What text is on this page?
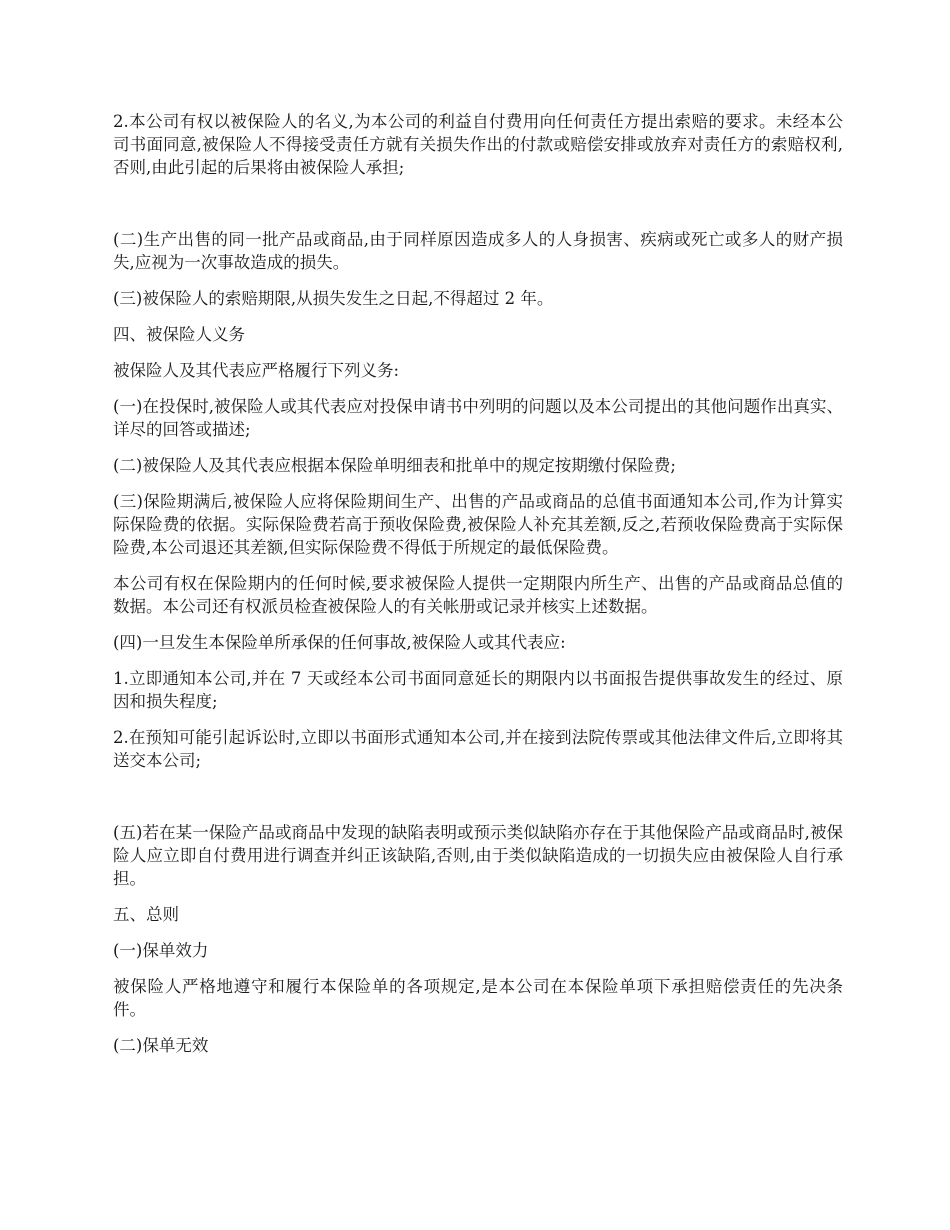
2.本公司有权以被保险人的名义,为本公司的利益自付费用向任何责任方提出索赔的要求。未经本公司书面同意,被保险人不得接受责任方就有关损失作出的付款或赔偿安排或放弃对责任方的索赔权利,否则,由此引起的后果将由被保险人承担;

(二)生产出售的同一批产品或商品,由于同样原因造成多人的人身损害、疾病或死亡或多人的财产损失,应视为一次事故造成的损失。

(三)被保险人的索赔期限,从损失发生之日起,不得超过 2 年。

四、被保险人义务

被保险人及其代表应严格履行下列义务:

(一)在投保时,被保险人或其代表应对投保申请书中列明的问题以及本公司提出的其他问题作出真实、详尽的回答或描述;

(二)被保险人及其代表应根据本保险单明细表和批单中的规定按期缴付保险费;

(三)保险期满后,被保险人应将保险期间生产、出售的产品或商品的总值书面通知本公司,作为计算实际保险费的依据。实际保险费若高于预收保险费,被保险人补充其差额,反之,若预收保险费高于实际保险费,本公司退还其差额,但实际保险费不得低于所规定的最低保险费。

本公司有权在保险期内的任何时候,要求被保险人提供一定期限内所生产、出售的产品或商品总值的数据。本公司还有权派员检查被保险人的有关帐册或记录并核实上述数据。

(四)一旦发生本保险单所承保的任何事故,被保险人或其代表应:

1.立即通知本公司,并在 7 天或经本公司书面同意延长的期限内以书面报告提供事故发生的经过、原因和损失程度;

2.在预知可能引起诉讼时,立即以书面形式通知本公司,并在接到法院传票或其他法律文件后,立即将其送交本公司;

(五)若在某一保险产品或商品中发现的缺陷表明或预示类似缺陷亦存在于其他保险产品或商品时,被保险人应立即自付费用进行调查并纠正该缺陷,否则,由于类似缺陷造成的一切损失应由被保险人自行承担。

五、总则

(一)保单效力

被保险人严格地遵守和履行本保险单的各项规定,是本公司在本保险单项下承担赔偿责任的先决条件。

(二)保单无效
